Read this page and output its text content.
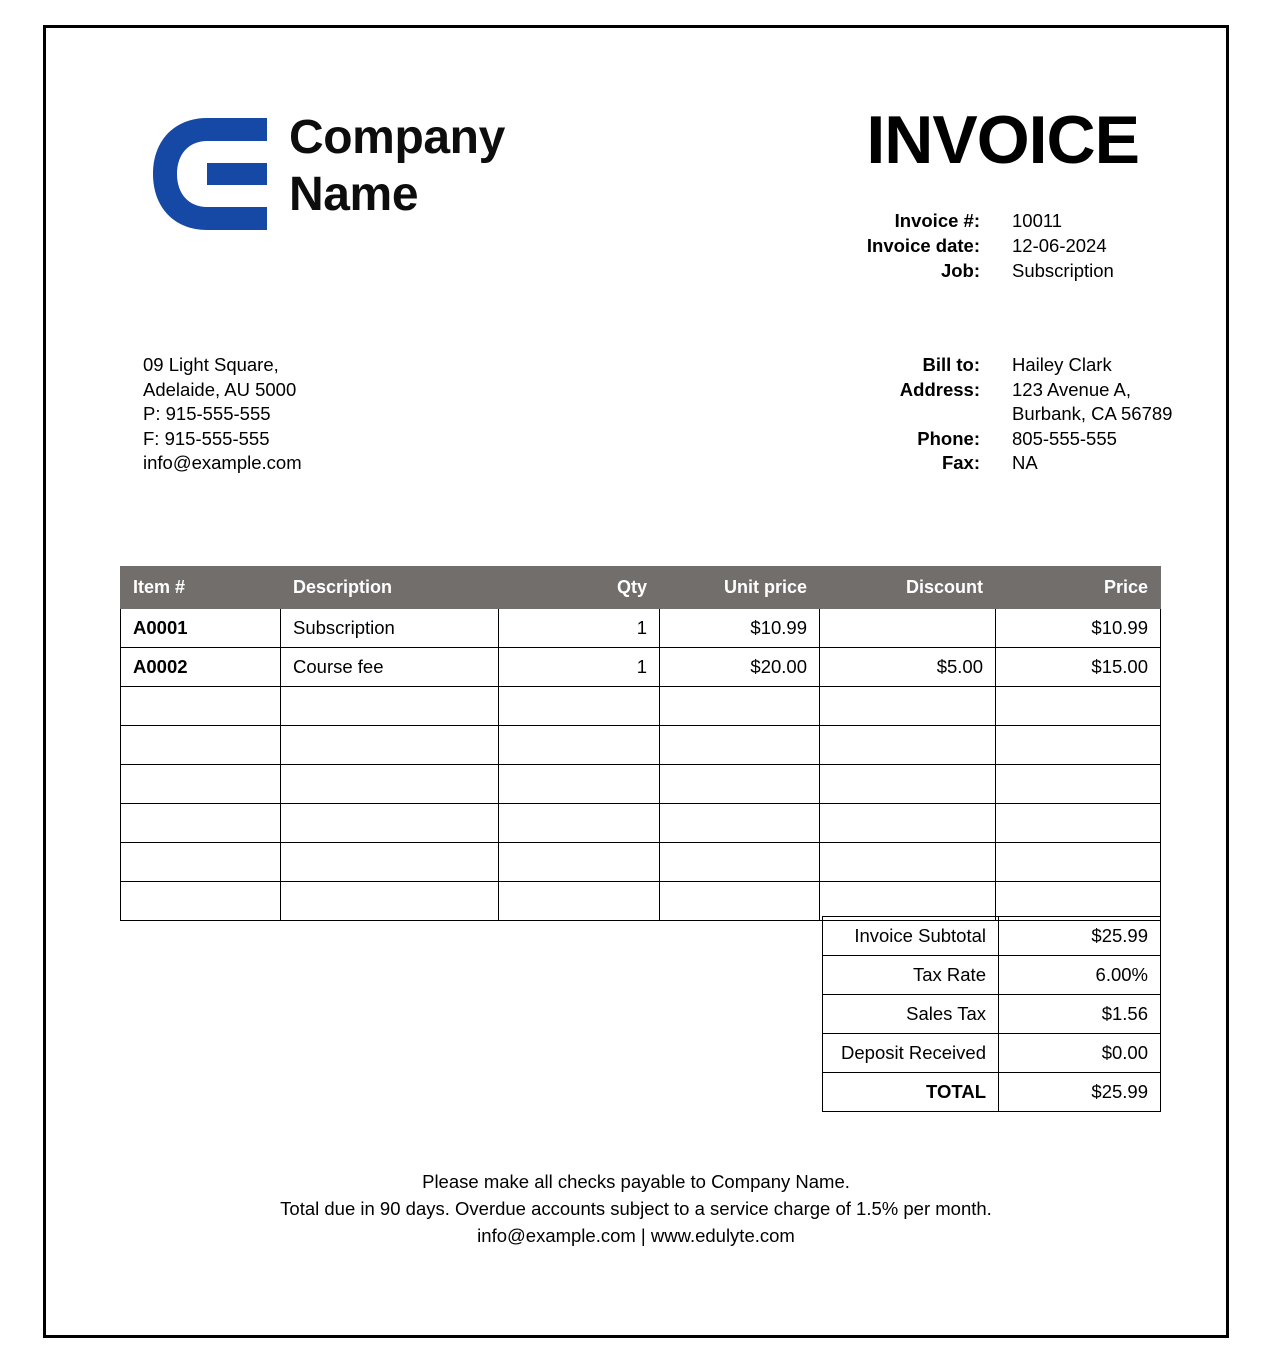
Company
Name
INVOICE
Invoice #:	10011
Invoice date:	12-06-2024
Job:	Subscription
09 Light Square,
Adelaide, AU 5000
P: 915-555-555
F: 915-555-555
info@example.com
Bill to:	Hailey Clark
Address:	123 Avenue A,
Burbank, CA 56789
Phone:	805-555-555
Fax:	NA
Item #	Description	Qty	Unit price	Discount	Price
A0001	Subscription	1	$10.99		$10.99
A0002	Course fee	1	$20.00	$5.00	$15.00

Invoice Subtotal	$25.99
Tax Rate	6.00%
Sales Tax	$1.56
Deposit Received	$0.00
TOTAL	$25.99
Please make all checks payable to Company Name.
Total due in 90 days. Overdue accounts subject to a service charge of 1.5% per month.
info@example.com | www.edulyte.com
